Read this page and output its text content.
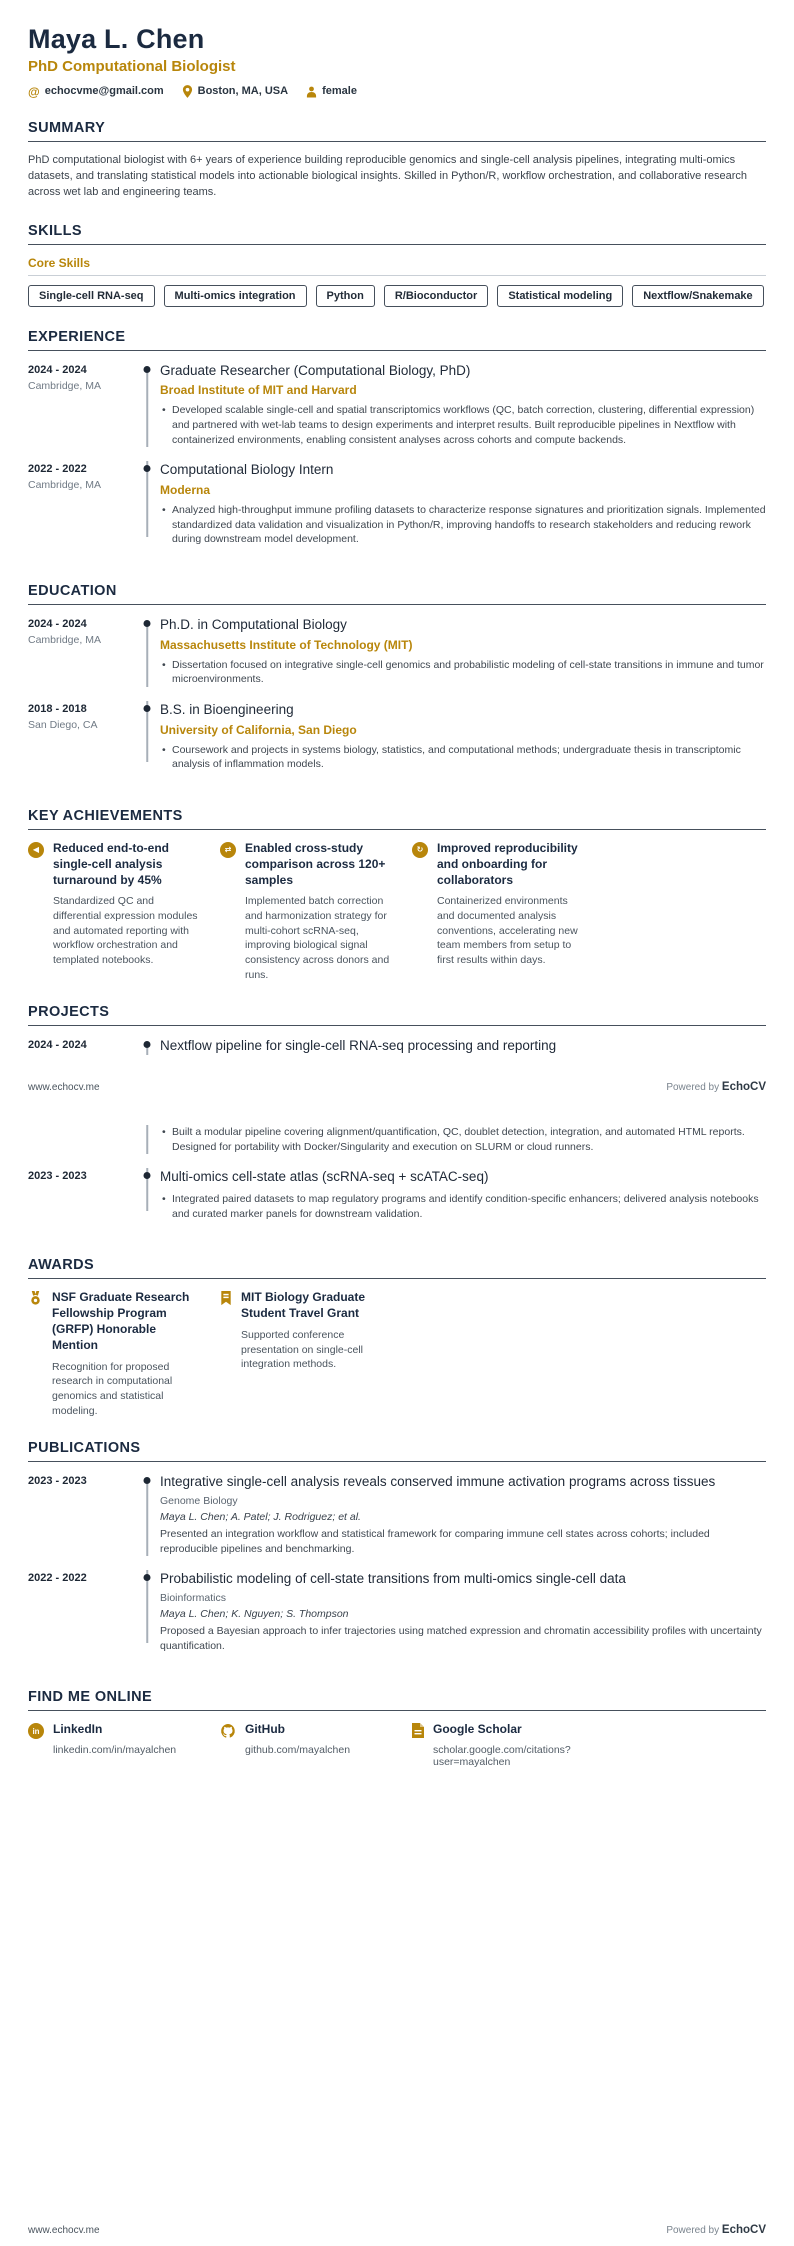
Maya L. Chen
PhD Computational Biologist
@ echocvme@gmail.com	Boston, MA, USA	female
SUMMARY
PhD computational biologist with 6+ years of experience building reproducible genomics and single-cell analysis pipelines, integrating multi-omics datasets, and translating statistical models into actionable biological insights. Skilled in Python/R, workflow orchestration, and collaborative research across wet lab and engineering teams.
SKILLS
Core Skills
Single-cell RNA-seq	Multi-omics integration	Python	R/Bioconductor	Statistical modeling	Nextflow/Snakemake
EXPERIENCE
2024 - 2024
Cambridge, MA
Graduate Researcher (Computational Biology, PhD)
Broad Institute of MIT and Harvard
• Developed scalable single-cell and spatial transcriptomics workflows (QC, batch correction, clustering, differential expression) and partnered with wet-lab teams to design experiments and interpret results. Built reproducible pipelines in Nextflow with containerized environments, enabling consistent analyses across cohorts and compute backends.
2022 - 2022
Cambridge, MA
Computational Biology Intern
Moderna
• Analyzed high-throughput immune profiling datasets to characterize response signatures and prioritization signals. Implemented standardized data validation and visualization in Python/R, improving handoffs to research stakeholders and reducing rework during downstream model development.
EDUCATION
2024 - 2024
Cambridge, MA
Ph.D. in Computational Biology
Massachusetts Institute of Technology (MIT)
• Dissertation focused on integrative single-cell genomics and probabilistic modeling of cell-state transitions in immune and tumor microenvironments.
2018 - 2018
San Diego, CA
B.S. in Bioengineering
University of California, San Diego
• Coursework and projects in systems biology, statistics, and computational methods; undergraduate thesis in transcriptomic analysis of inflammation models.
KEY ACHIEVEMENTS
◀	Reduced end-to-end single-cell analysis turnaround by 45%
Standardized QC and differential expression modules and automated reporting with workflow orchestration and templated notebooks.
⇄	Enabled cross-study comparison across 120+ samples
Implemented batch correction and harmonization strategy for multi-cohort scRNA-seq, improving biological signal consistency across donors and runs.
↻	Improved reproducibility and onboarding for collaborators
Containerized environments and documented analysis conventions, accelerating new team members from setup to first results within days.
PROJECTS
2024 - 2024	Nextflow pipeline for single-cell RNA-seq processing and reporting
www.echocv.me	Powered by EchoCV
• Built a modular pipeline covering alignment/quantification, QC, doublet detection, integration, and automated HTML reports. Designed for portability with Docker/Singularity and execution on SLURM or cloud runners.
2023 - 2023	Multi-omics cell-state atlas (scRNA-seq + scATAC-seq)
• Integrated paired datasets to map regulatory programs and identify condition-specific enhancers; delivered analysis notebooks and curated marker panels for downstream validation.
AWARDS
NSF Graduate Research Fellowship Program (GRFP) Honorable Mention
Recognition for proposed research in computational genomics and statistical modeling.
MIT Biology Graduate Student Travel Grant
Supported conference presentation on single-cell integration methods.
PUBLICATIONS
2023 - 2023	Integrative single-cell analysis reveals conserved immune activation programs across tissues
Genome Biology
Maya L. Chen; A. Patel; J. Rodriguez; et al.
Presented an integration workflow and statistical framework for comparing immune cell states across cohorts; included reproducible pipelines and benchmarking.
2022 - 2022	Probabilistic modeling of cell-state transitions from multi-omics single-cell data
Bioinformatics
Maya L. Chen; K. Nguyen; S. Thompson
Proposed a Bayesian approach to infer trajectories using matched expression and chromatin accessibility profiles with uncertainty quantification.
FIND ME ONLINE
in	LinkedIn
linkedin.com/in/mayalchen
GitHub
github.com/mayalchen
Google Scholar
scholar.google.com/citations?user=mayalchen
www.echocv.me	Powered by EchoCV
